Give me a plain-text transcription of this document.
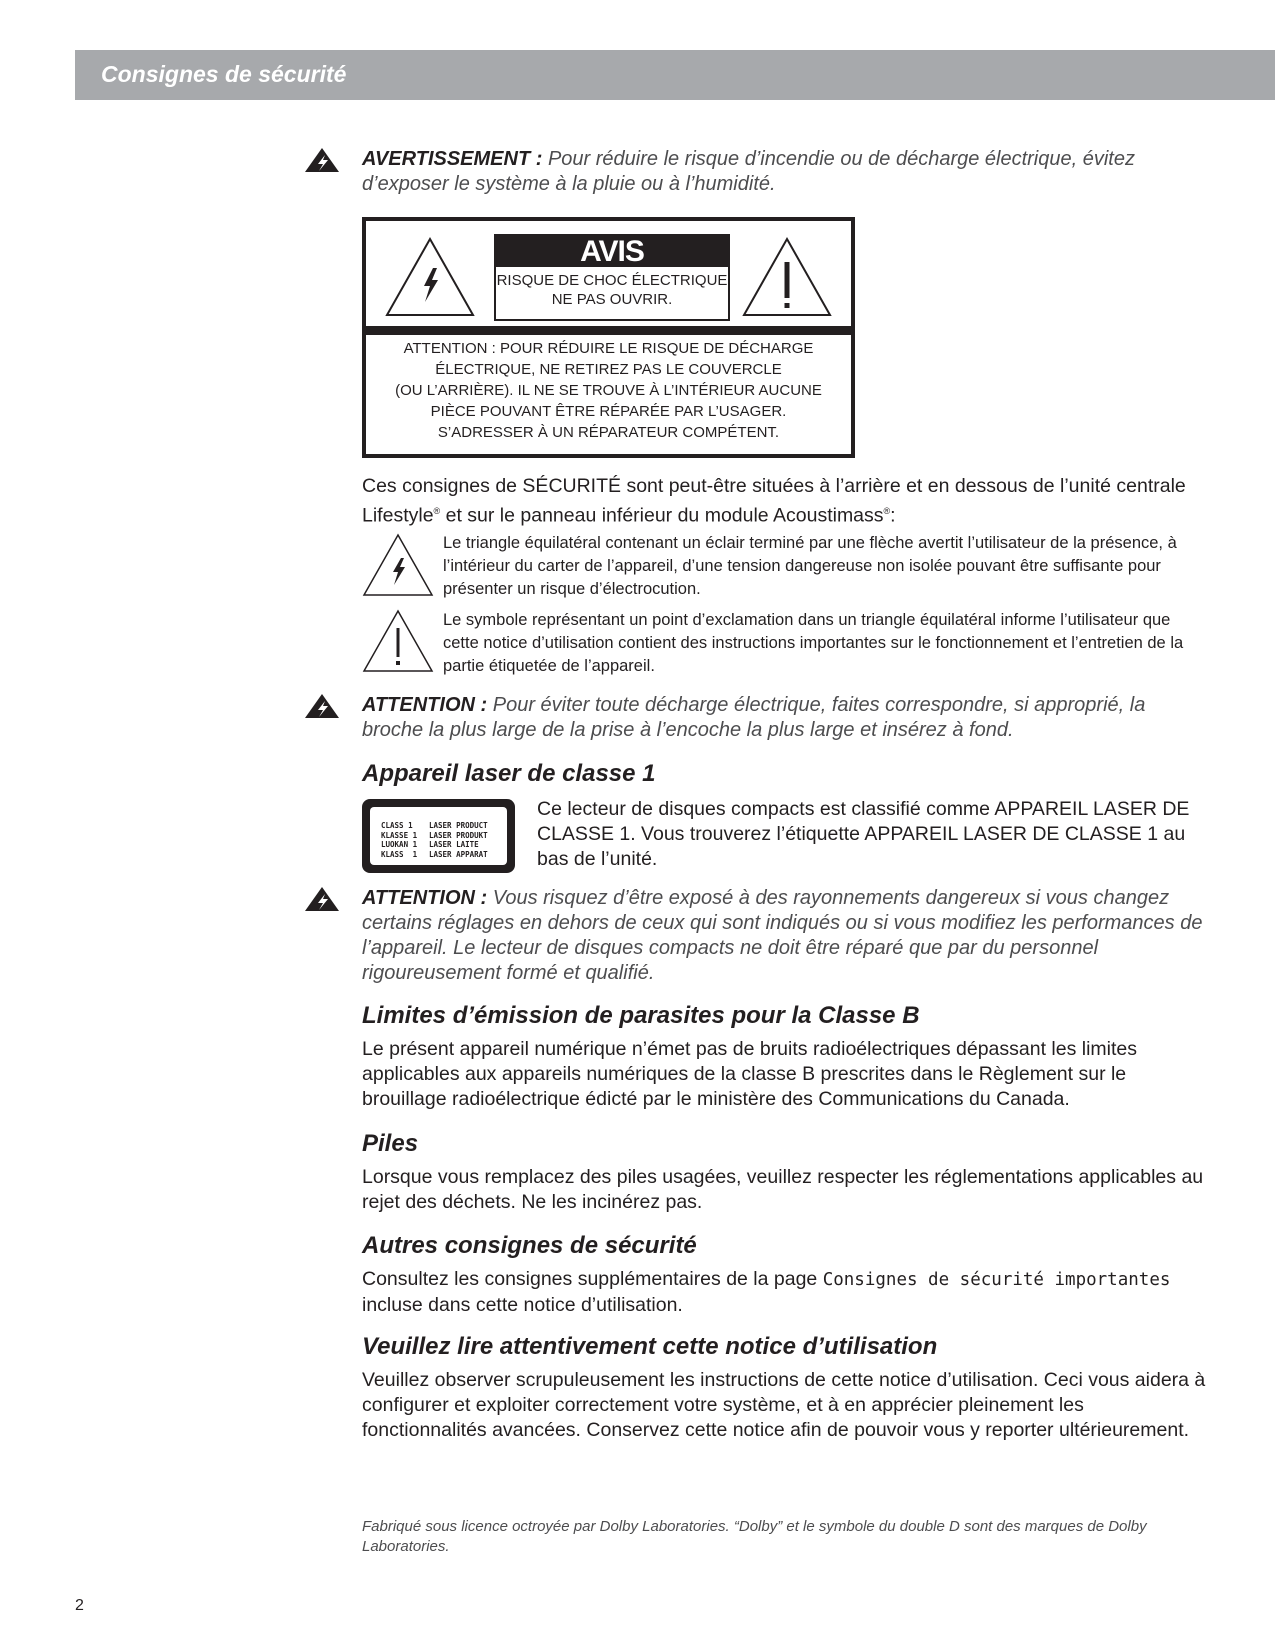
Consignes de sécurité
AVERTISSEMENT : Pour réduire le risque d’incendie ou de décharge électrique, évitez d’exposer le système à la pluie ou à l’humidité.
AVIS
RISQUE DE CHOC ÉLECTRIQUE
NE PAS OUVRIR.
ATTENTION : POUR RÉDUIRE LE RISQUE DE DÉCHARGE
ÉLECTRIQUE, NE RETIREZ PAS LE COUVERCLE
(OU L’ARRIÈRE). IL NE SE TROUVE À L’INTÉRIEUR AUCUNE
PIÈCE POUVANT ÊTRE RÉPARÉE PAR L’USAGER.
S’ADRESSER À UN RÉPARATEUR COMPÉTENT.
Ces consignes de SÉCURITÉ sont peut-être situées à l’arrière et en dessous de l’unité centrale Lifestyle® et sur le panneau inférieur du module Acoustimass®:
Le triangle équilatéral contenant un éclair terminé par une flèche avertit l’utilisateur de la présence, à l’intérieur du carter de l’appareil, d’une tension dangereuse non isolée pouvant être suffisante pour présenter un risque d’électrocution.
Le symbole représentant un point d’exclamation dans un triangle équilatéral informe l’utilisateur que cette notice d’utilisation contient des instructions importantes sur le fonctionnement et l’entretien de la partie étiquetée de l’appareil.
ATTENTION : Pour éviter toute décharge électrique, faites correspondre, si approprié, la broche la plus large de la prise à l’encoche la plus large et insérez à fond.
Appareil laser de classe 1
CLASS 1
KLASSE 1
LUOKAN 1
KLASS  1
LASER PRODUCT
LASER PRODUKT
LASER LAITE
LASER APPARAT
Ce lecteur de disques compacts est classifié comme APPAREIL LASER DE CLASSE 1. Vous trouverez l’étiquette APPAREIL LASER DE CLASSE 1 au bas de l’unité.
ATTENTION : Vous risquez d’être exposé à des rayonnements dangereux si vous changez certains réglages en dehors de ceux qui sont indiqués ou si vous modifiez les performances de l’appareil. Le lecteur de disques compacts ne doit être réparé que par du personnel rigoureusement formé et qualifié.
Limites d’émission de parasites pour la Classe B
Le présent appareil numérique n’émet pas de bruits radioélectriques dépassant les limites applicables aux appareils numériques de la classe B prescrites dans le Règlement sur le brouillage radioélectrique édicté par le ministère des Communications du Canada.
Piles
Lorsque vous remplacez des piles usagées, veuillez respecter les réglementations applicables au rejet des déchets. Ne les incinérez pas.
Autres consignes de sécurité
Consultez les consignes supplémentaires de la page Consignes de sécurité importantes incluse dans cette notice d’utilisation.
Veuillez lire attentivement cette notice d’utilisation
Veuillez observer scrupuleusement les instructions de cette notice d’utilisation. Ceci vous aidera à configurer et exploiter correctement votre système, et à en apprécier pleinement les fonctionnalités avancées. Conservez cette notice afin de pouvoir vous y reporter ultérieurement.
Fabriqué sous licence octroyée par Dolby Laboratories. “Dolby” et le symbole du double D sont des marques de Dolby Laboratories.
2
